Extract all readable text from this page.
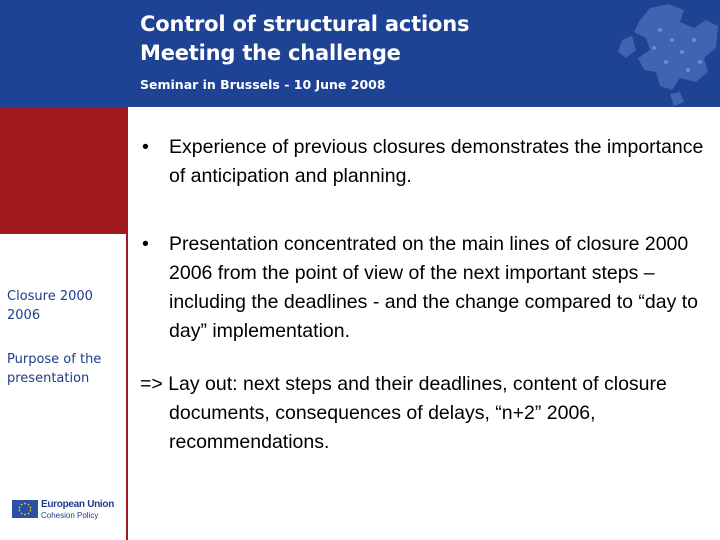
Control of structural actions
Meeting the challenge
Seminar in Brussels - 10 June 2008
Closure 2000 2006
Purpose of the presentation
European Union
Cohesion Policy

• Experience of previous closures demonstrates the importance of anticipation and planning.

• Presentation concentrated on the main lines of closure 2000 2006 from the point of view of the next important steps – including the deadlines - and the change compared to “day to day” implementation.

=> Lay out: next steps and their deadlines, content of closure documents, consequences of delays, “n+2” 2006, recommendations.
